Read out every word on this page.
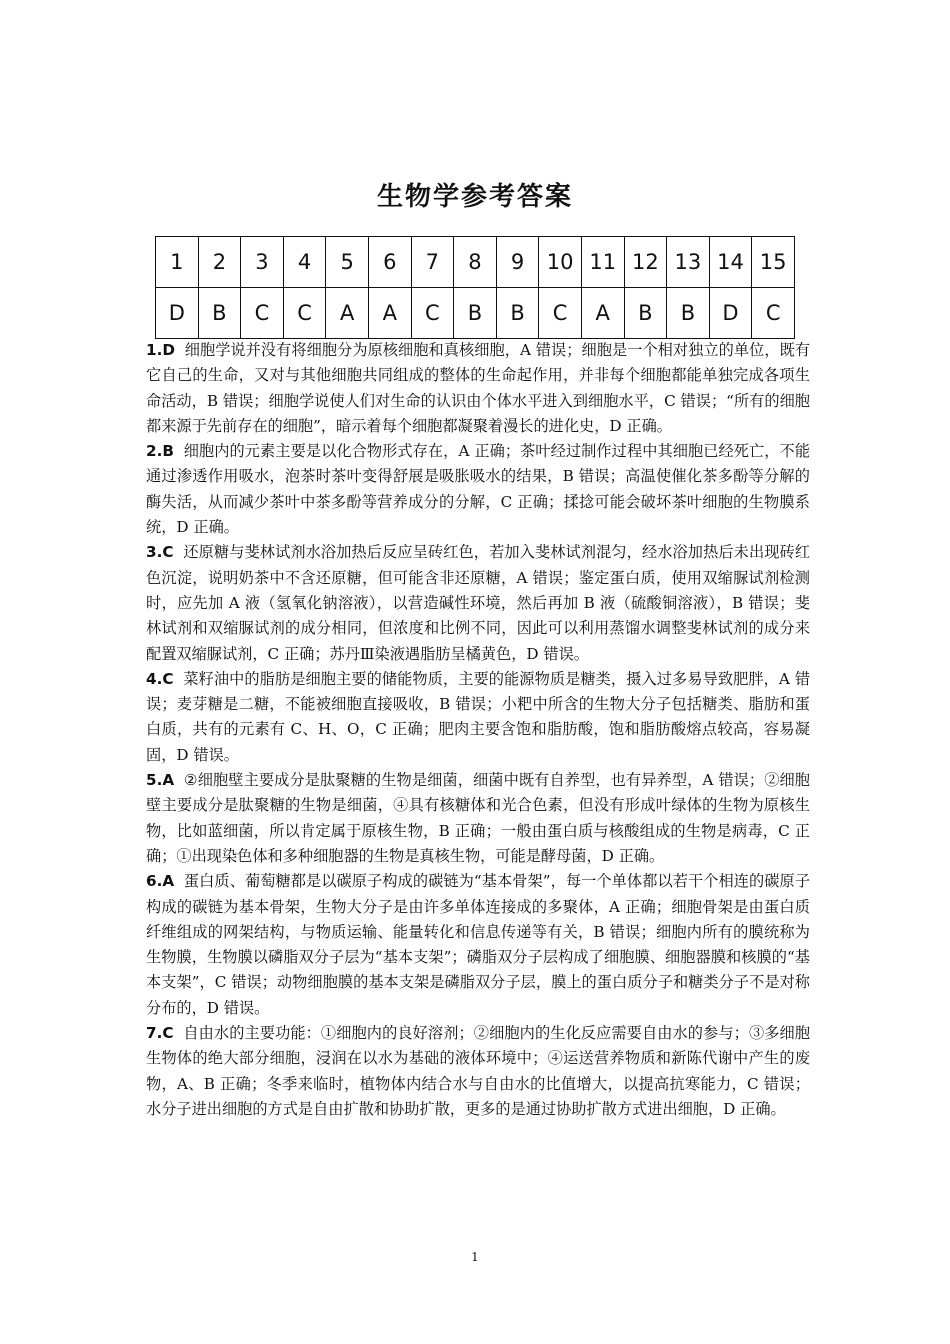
生物学参考答案
1	2	3	4	5	6	7	8	9	10	11	12	13	14	15
D	B	C	C	A	A	C	B	B	C	A	B	B	D	C

1.D 细胞学说并没有将细胞分为原核细胞和真核细胞，A 错误；细胞是一个相对独立的单位，既有它自己的生命，又对与其他细胞共同组成的整体的生命起作用，并非每个细胞都能单独完成各项生命活动，B 错误；细胞学说使人们对生命的认识由个体水平进入到细胞水平，C 错误；“所有的细胞都来源于先前存在的细胞”，暗示着每个细胞都凝聚着漫长的进化史，D 正确。

2.B 细胞内的元素主要是以化合物形式存在，A 正确；茶叶经过制作过程中其细胞已经死亡，不能通过渗透作用吸水，泡茶时茶叶变得舒展是吸胀吸水的结果，B 错误；高温使催化茶多酚等分解的酶失活，从而减少茶叶中茶多酚等营养成分的分解，C 正确；揉捻可能会破坏茶叶细胞的生物膜系统，D 正确。

3.C 还原糖与斐林试剂水浴加热后反应呈砖红色，若加入斐林试剂混匀，经水浴加热后未出现砖红色沉淀，说明奶茶中不含还原糖，但可能含非还原糖，A 错误；鉴定蛋白质，使用双缩脲试剂检测时，应先加 A 液（氢氧化钠溶液），以营造碱性环境，然后再加 B 液（硫酸铜溶液），B 错误；斐林试剂和双缩脲试剂的成分相同，但浓度和比例不同，因此可以利用蒸馏水调整斐林试剂的成分来配置双缩脲试剂，C 正确；苏丹Ⅲ染液遇脂肪呈橘黄色，D 错误。

4.C 菜籽油中的脂肪是细胞主要的储能物质，主要的能源物质是糖类，摄入过多易导致肥胖，A 错误；麦芽糖是二糖，不能被细胞直接吸收，B 错误；小粑中所含的生物大分子包括糖类、脂肪和蛋白质，共有的元素有 C、H、O，C 正确；肥肉主要含饱和脂肪酸，饱和脂肪酸熔点较高，容易凝固，D 错误。

5.A ②细胞壁主要成分是肽聚糖的生物是细菌，细菌中既有自养型，也有异养型，A 错误；②细胞壁主要成分是肽聚糖的生物是细菌，④具有核糖体和光合色素，但没有形成叶绿体的生物为原核生物，比如蓝细菌，所以肯定属于原核生物，B 正确；一般由蛋白质与核酸组成的生物是病毒，C 正确；①出现染色体和多种细胞器的生物是真核生物，可能是酵母菌，D 正确。

6.A 蛋白质、葡萄糖都是以碳原子构成的碳链为“基本骨架”，每一个单体都以若干个相连的碳原子构成的碳链为基本骨架，生物大分子是由许多单体连接成的多聚体，A 正确；细胞骨架是由蛋白质纤维组成的网架结构，与物质运输、能量转化和信息传递等有关，B 错误；细胞内所有的膜统称为生物膜，生物膜以磷脂双分子层为“基本支架”；磷脂双分子层构成了细胞膜、细胞器膜和核膜的“基本支架”，C 错误；动物细胞膜的基本支架是磷脂双分子层，膜上的蛋白质分子和糖类分子不是对称分布的，D 错误。

7.C 自由水的主要功能：①细胞内的良好溶剂；②细胞内的生化反应需要自由水的参与；③多细胞生物体的绝大部分细胞，浸润在以水为基础的液体环境中；④运送营养物质和新陈代谢中产生的废物，A、B 正确；冬季来临时，植物体内结合水与自由水的比值增大，以提高抗寒能力，C 错误；水分子进出细胞的方式是自由扩散和协助扩散，更多的是通过协助扩散方式进出细胞，D 正确。

1
